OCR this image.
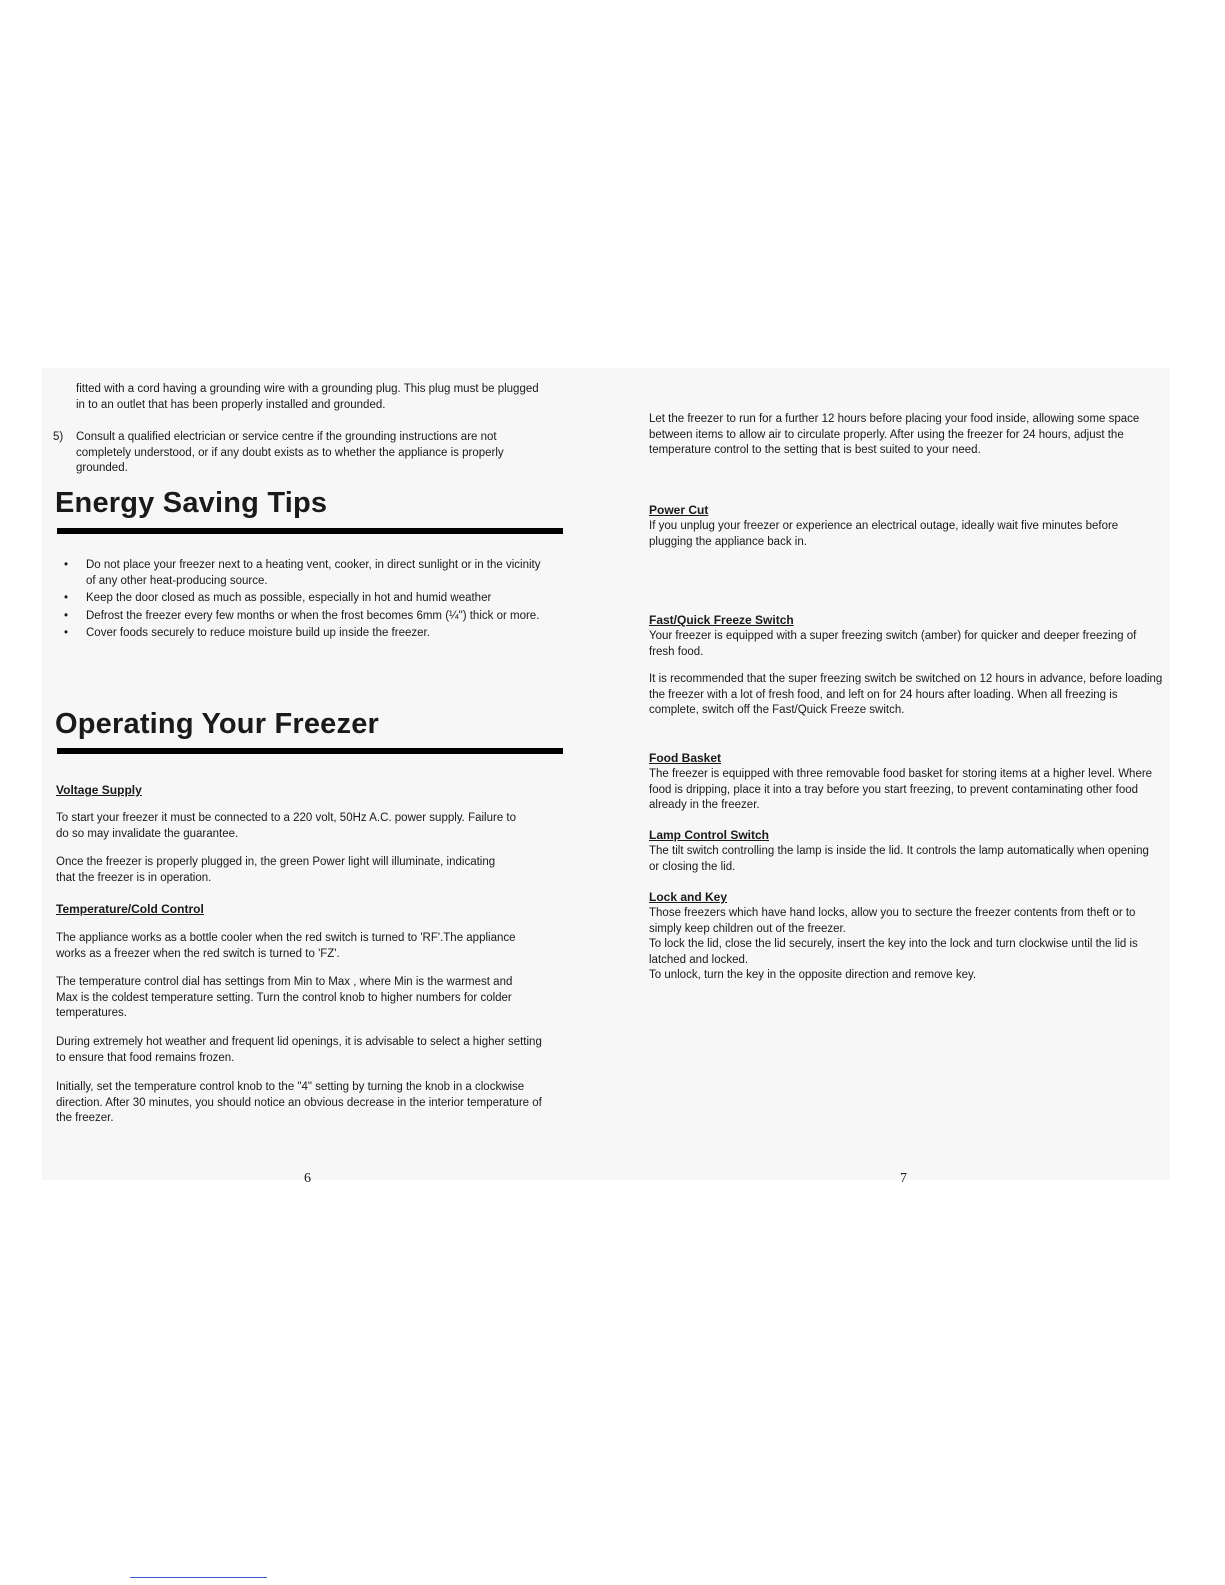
fitted with a cord having a grounding wire with a grounding plug. This plug must be plugged in to an outlet that has been properly installed and grounded.

5) Consult a qualified electrician or service centre if the grounding instructions are not completely understood, or if any doubt exists as to whether the appliance is properly grounded.

Energy Saving Tips
• Do not place your freezer next to a heating vent, cooker, in direct sunlight or in the vicinity of any other heat-producing source.
• Keep the door closed as much as possible, especially in hot and humid weather
• Defrost the freezer every few months or when the frost becomes 6mm (¼") thick or more.
• Cover foods securely to reduce moisture build up inside the freezer.
Operating Your Freezer

Voltage Supply

To start your freezer it must be connected to a 220 volt, 50Hz A.C. power supply. Failure to do so may invalidate the guarantee.

Once the freezer is properly plugged in, the green Power light will illuminate, indicating that the freezer is in operation.

Temperature/Cold Control

The appliance works as a bottle cooler when the red switch is turned to 'RF'.The appliance works as a freezer when the red switch is turned to 'FZ'.

The temperature control dial has settings from Min to Max , where Min is the warmest and Max is the coldest temperature setting. Turn the control knob to higher numbers for colder temperatures.

During extremely hot weather and frequent lid openings, it is advisable to select a higher setting to ensure that food remains frozen.

Initially, set the temperature control knob to the "4" setting by turning the knob in a clockwise direction. After 30 minutes, you should notice an obvious decrease in the interior temperature of the freezer.

6

Let the freezer to run for a further 12 hours before placing your food inside, allowing some space between items to allow air to circulate properly. After using the freezer for 24 hours, adjust the temperature control to the setting that is best suited to your need.

Power Cut

If you unplug your freezer or experience an electrical outage, ideally wait five minutes before plugging the appliance back in.

Fast/Quick Freeze Switch

Your freezer is equipped with a super freezing switch (amber) for quicker and deeper freezing of fresh food.

It is recommended that the super freezing switch be switched on 12 hours in advance, before loading the freezer with a lot of fresh food, and left on for 24 hours after loading. When all freezing is complete, switch off the Fast/Quick Freeze switch.

Food Basket

The freezer is equipped with three removable food basket for storing items at a higher level. Where food is dripping, place it into a tray before you start freezing, to prevent contaminating other food already in the freezer.

Lamp Control Switch

The tilt switch controlling the lamp is inside the lid. It controls the lamp automatically when opening or closing the lid.

Lock and Key

Those freezers which have hand locks, allow you to secture the freezer contents from theft or to simply keep children out of the freezer.

To lock the lid, close the lid securely, insert the key into the lock and turn clockwise until the lid is latched and locked.

To unlock, turn the key in the opposite direction and remove key.

7
